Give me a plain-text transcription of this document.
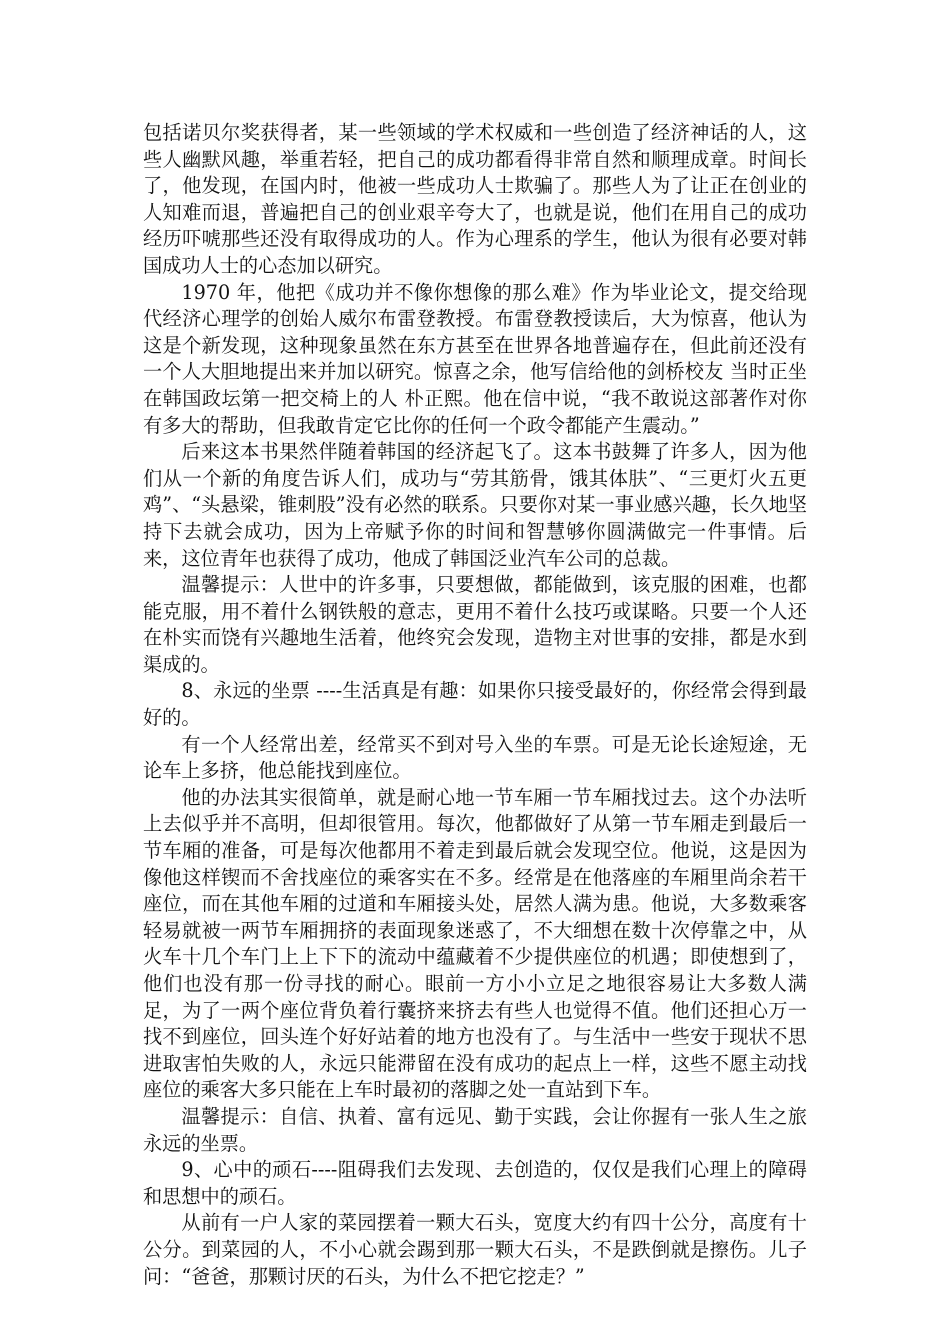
包括诺贝尔奖获得者，某一些领域的学术权威和一些创造了经济神话的人，这些人幽默风趣，举重若轻，把自己的成功都看得非常自然和顺理成章。时间长了，他发现，在国内时，他被一些成功人士欺骗了。那些人为了让正在创业的人知难而退，普遍把自己的创业艰辛夸大了，也就是说，他们在用自己的成功经历吓唬那些还没有取得成功的人。作为心理系的学生，他认为很有必要对韩国成功人士的心态加以研究。

1970 年，他把《成功并不像你想像的那么难》作为毕业论文，提交给现代经济心理学的创始人威尔布雷登教授。布雷登教授读后，大为惊喜，他认为这是个新发现，这种现象虽然在东方甚至在世界各地普遍存在，但此前还没有一个人大胆地提出来并加以研究。惊喜之余，他写信给他的剑桥校友 当时正坐在韩国政坛第一把交椅上的人 朴正熙。他在信中说，“我不敢说这部著作对你有多大的帮助，但我敢肯定它比你的任何一个政令都能产生震动。”

后来这本书果然伴随着韩国的经济起飞了。这本书鼓舞了许多人，因为他们从一个新的角度告诉人们，成功与“劳其筋骨，饿其体肤”、“三更灯火五更鸡”、“头悬梁，锥刺股”没有必然的联系。只要你对某一事业感兴趣，长久地坚持下去就会成功，因为上帝赋予你的时间和智慧够你圆满做完一件事情。后来，这位青年也获得了成功，他成了韩国泛业汽车公司的总裁。

温馨提示：人世中的许多事，只要想做，都能做到，该克服的困难，也都能克服，用不着什么钢铁般的意志，更用不着什么技巧或谋略。只要一个人还在朴实而饶有兴趣地生活着，他终究会发现，造物主对世事的安排，都是水到渠成的。

8、永远的坐票 ----生活真是有趣：如果你只接受最好的，你经常会得到最好的。

有一个人经常出差，经常买不到对号入坐的车票。可是无论长途短途，无论车上多挤，他总能找到座位。

他的办法其实很简单，就是耐心地一节车厢一节车厢找过去。这个办法听上去似乎并不高明，但却很管用。每次，他都做好了从第一节车厢走到最后一节车厢的准备，可是每次他都用不着走到最后就会发现空位。他说，这是因为像他这样锲而不舍找座位的乘客实在不多。经常是在他落座的车厢里尚余若干座位，而在其他车厢的过道和车厢接头处，居然人满为患。他说，大多数乘客轻易就被一两节车厢拥挤的表面现象迷惑了，不大细想在数十次停靠之中，从火车十几个车门上上下下的流动中蕴藏着不少提供座位的机遇；即使想到了，他们也没有那一份寻找的耐心。眼前一方小小立足之地很容易让大多数人满足，为了一两个座位背负着行囊挤来挤去有些人也觉得不值。他们还担心万一找不到座位，回头连个好好站着的地方也没有了。与生活中一些安于现状不思进取害怕失败的人，永远只能滞留在没有成功的起点上一样，这些不愿主动找座位的乘客大多只能在上车时最初的落脚之处一直站到下车。

温馨提示：自信、执着、富有远见、勤于实践，会让你握有一张人生之旅永远的坐票。

9、心中的顽石----阻碍我们去发现、去创造的，仅仅是我们心理上的障碍和思想中的顽石。

从前有一户人家的菜园摆着一颗大石头，宽度大约有四十公分，高度有十公分。到菜园的人，不小心就会踢到那一颗大石头，不是跌倒就是擦伤。儿子问：“爸爸，那颗讨厌的石头，为什么不把它挖走？”
